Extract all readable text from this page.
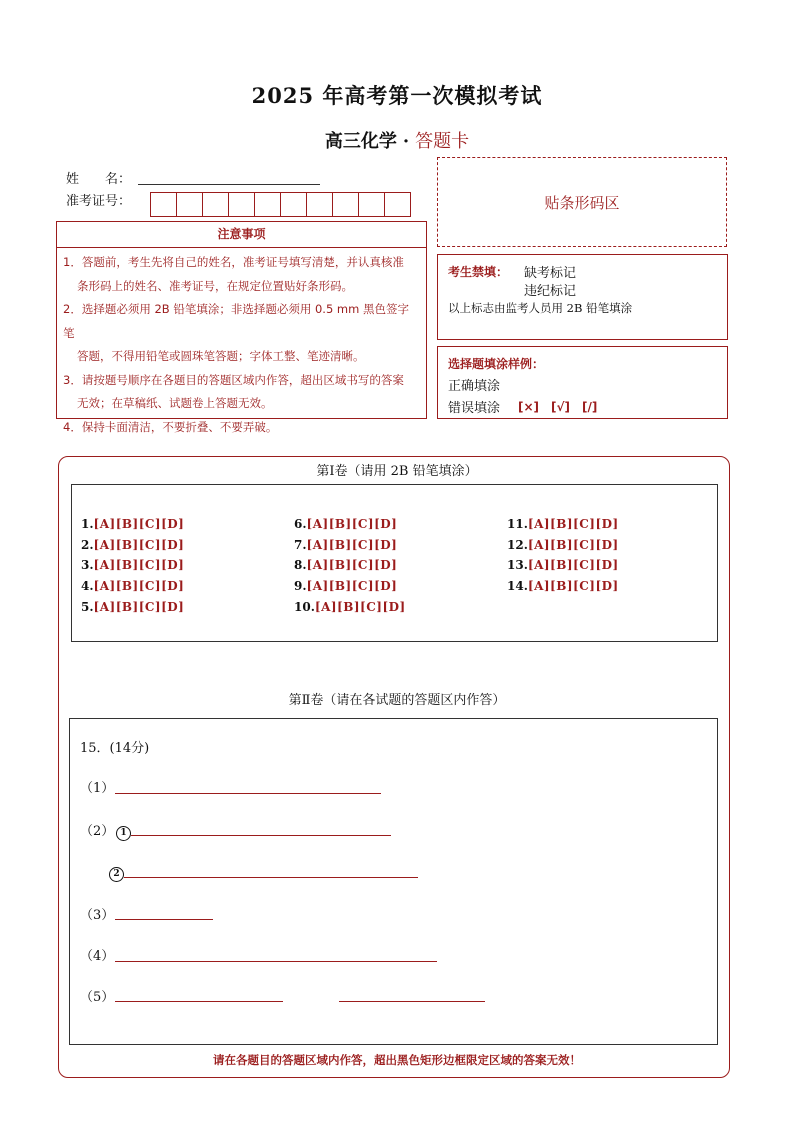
2025 年高考第一次模拟考试
高三化学 · 答题卡
姓　　名：
准考证号：	贴条形码区
注意事项
1．答题前，考生先将自己的姓名，准考证号填写清楚，并认真核准
条形码上的姓名、准考证号，在规定位置贴好条形码。
2．选择题必须用 2B 铅笔填涂；非选择题必须用 0.5 mm 黑色签字笔
答题，不得用铅笔或圆珠笔答题；字体工整、笔迹清晰。
3．请按题号顺序在各题目的答题区域内作答，超出区域书写的答案
无效；在草稿纸、试题卷上答题无效。
4．保持卡面清洁，不要折叠、不要弄破。
考生禁填： 缺考标记
违纪标记
以上标志由监考人员用 2B 铅笔填涂
选择题填涂样例：
正确填涂
错误填涂 [×]　[√]　[/]
第Ⅰ卷（请用 2B 铅笔填涂）
1.[A][B][C][D]
2.[A][B][C][D]
3.[A][B][C][D]
4.[A][B][C][D]
5.[A][B][C][D]
6.[A][B][C][D]
7.[A][B][C][D]
8.[A][B][C][D]
9.[A][B][C][D]
10.[A][B][C][D]
11.[A][B][C][D]
12.[A][B][C][D]
13.[A][B][C][D]
14.[A][B][C][D]
第Ⅱ卷（请在各试题的答题区内作答）
15．(14分)
（1）
（2） 1
2
（3）
（4）
（5）
请在各题目的答题区域内作答，超出黑色矩形边框限定区域的答案无效！
